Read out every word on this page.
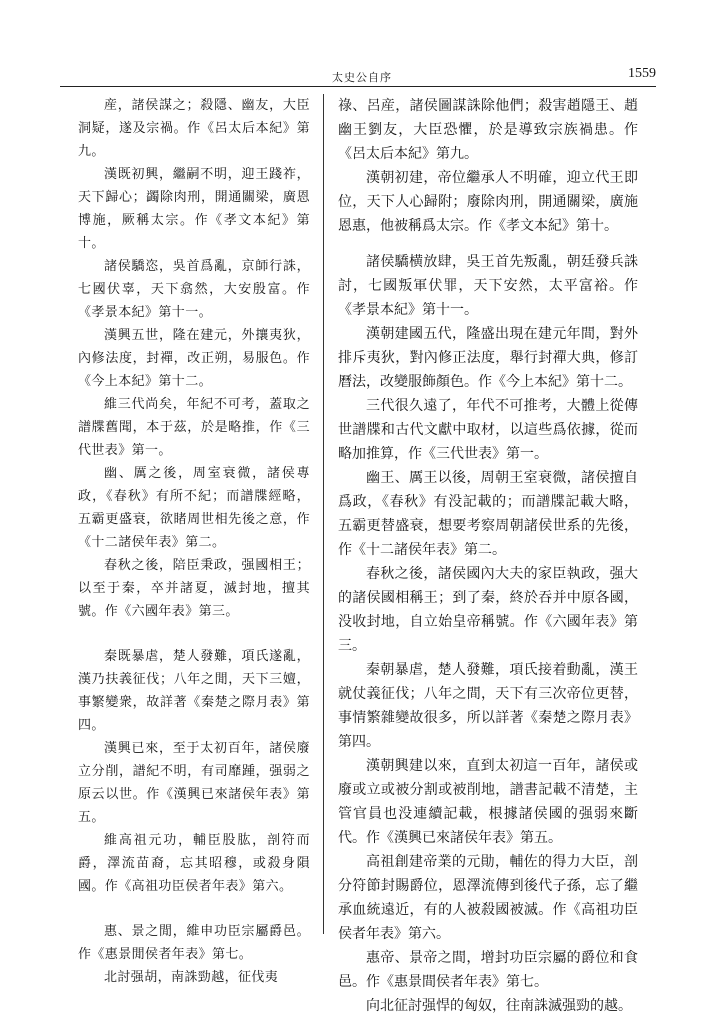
太史公自序	1559

産，諸侯謀之；殺隱、幽友，大臣洞疑，遂及宗禍。作《呂太后本紀》第九。

漢既初興，繼嗣不明，迎王踐祚，天下歸心；蠲除肉刑，開通關梁，廣恩博施，厥稱太宗。作《孝文本紀》第十。

諸侯驕恣，吳首爲亂，京師行誅，七國伏辜，天下翕然，大安殷富。作《孝景本紀》第十一。

漢興五世，隆在建元，外攘夷狄，內修法度，封禪，改正朔，易服色。作《今上本紀》第十二。

維三代尚矣，年紀不可考，蓋取之譜牒舊聞，本于茲，於是略推，作《三代世表》第一。

幽、厲之後，周室衰微，諸侯專政，《春秋》有所不紀；而譜牒經略，五霸更盛衰，欲睹周世相先後之意，作《十二諸侯年表》第二。

春秋之後，陪臣秉政，强國相王；以至于秦，卒并諸夏，滅封地，擅其號。作《六國年表》第三。

秦既暴虐，楚人發難，項氏遂亂，漢乃扶義征伐；八年之閒，天下三嬗，事繁變衆，故詳著《秦楚之際月表》第四。

漢興已來，至于太初百年，諸侯廢立分削，譜紀不明，有司靡踵，强弱之原云以世。作《漢興已來諸侯年表》第五。

維高祖元功，輔臣股肱，剖符而爵，澤流苗裔，忘其昭穆，或殺身隕國。作《高祖功臣侯者年表》第六。

惠、景之閒，維申功臣宗屬爵邑。作《惠景閒侯者年表》第七。

北討强胡，南誅勁越，征伐夷

祿、呂産，諸侯圖謀誅除他們；殺害趙隱王、趙幽王劉友，大臣恐懼，於是導致宗族禍患。作《呂太后本紀》第九。

漢朝初建，帝位繼承人不明確，迎立代王即位，天下人心歸附；廢除肉刑，開通關梁，廣施恩惠，他被稱爲太宗。作《孝文本紀》第十。

諸侯驕横放肆，吳王首先叛亂，朝廷發兵誅討，七國叛軍伏罪，天下安然，太平富裕。作《孝景本紀》第十一。

漢朝建國五代，隆盛出現在建元年間，對外排斥夷狄，對內修正法度，舉行封禪大典，修訂曆法，改變服飾顏色。作《今上本紀》第十二。

三代很久遠了，年代不可推考，大體上從傳世譜牒和古代文獻中取材，以這些爲依據，從而略加推算，作《三代世表》第一。

幽王、厲王以後，周朝王室衰微，諸侯擅自爲政，《春秋》有没記載的；而譜牒記載大略，五霸更替盛衰，想要考察周朝諸侯世系的先後，作《十二諸侯年表》第二。

春秋之後，諸侯國內大夫的家臣執政，强大的諸侯國相稱王；到了秦，終於吞并中原各國，没收封地，自立始皇帝稱號。作《六國年表》第三。

秦朝暴虐，楚人發難，項氏接着動亂，漢王就仗義征伐；八年之間，天下有三次帝位更替，事情繁雜變故很多，所以詳著《秦楚之際月表》第四。

漢朝興建以來，直到太初這一百年，諸侯或廢或立或被分割或被削地，譜書記載不清楚，主管官員也没連續記載，根據諸侯國的强弱來斷代。作《漢興已來諸侯年表》第五。

高祖創建帝業的元勛，輔佐的得力大臣，剖分符節封賜爵位，恩澤流傳到後代子孫，忘了繼承血統遠近，有的人被殺國被滅。作《高祖功臣侯者年表》第六。

惠帝、景帝之間，增封功臣宗屬的爵位和食邑。作《惠景間侯者年表》第七。

向北征討强悍的匈奴，往南誅滅强勁的越。
